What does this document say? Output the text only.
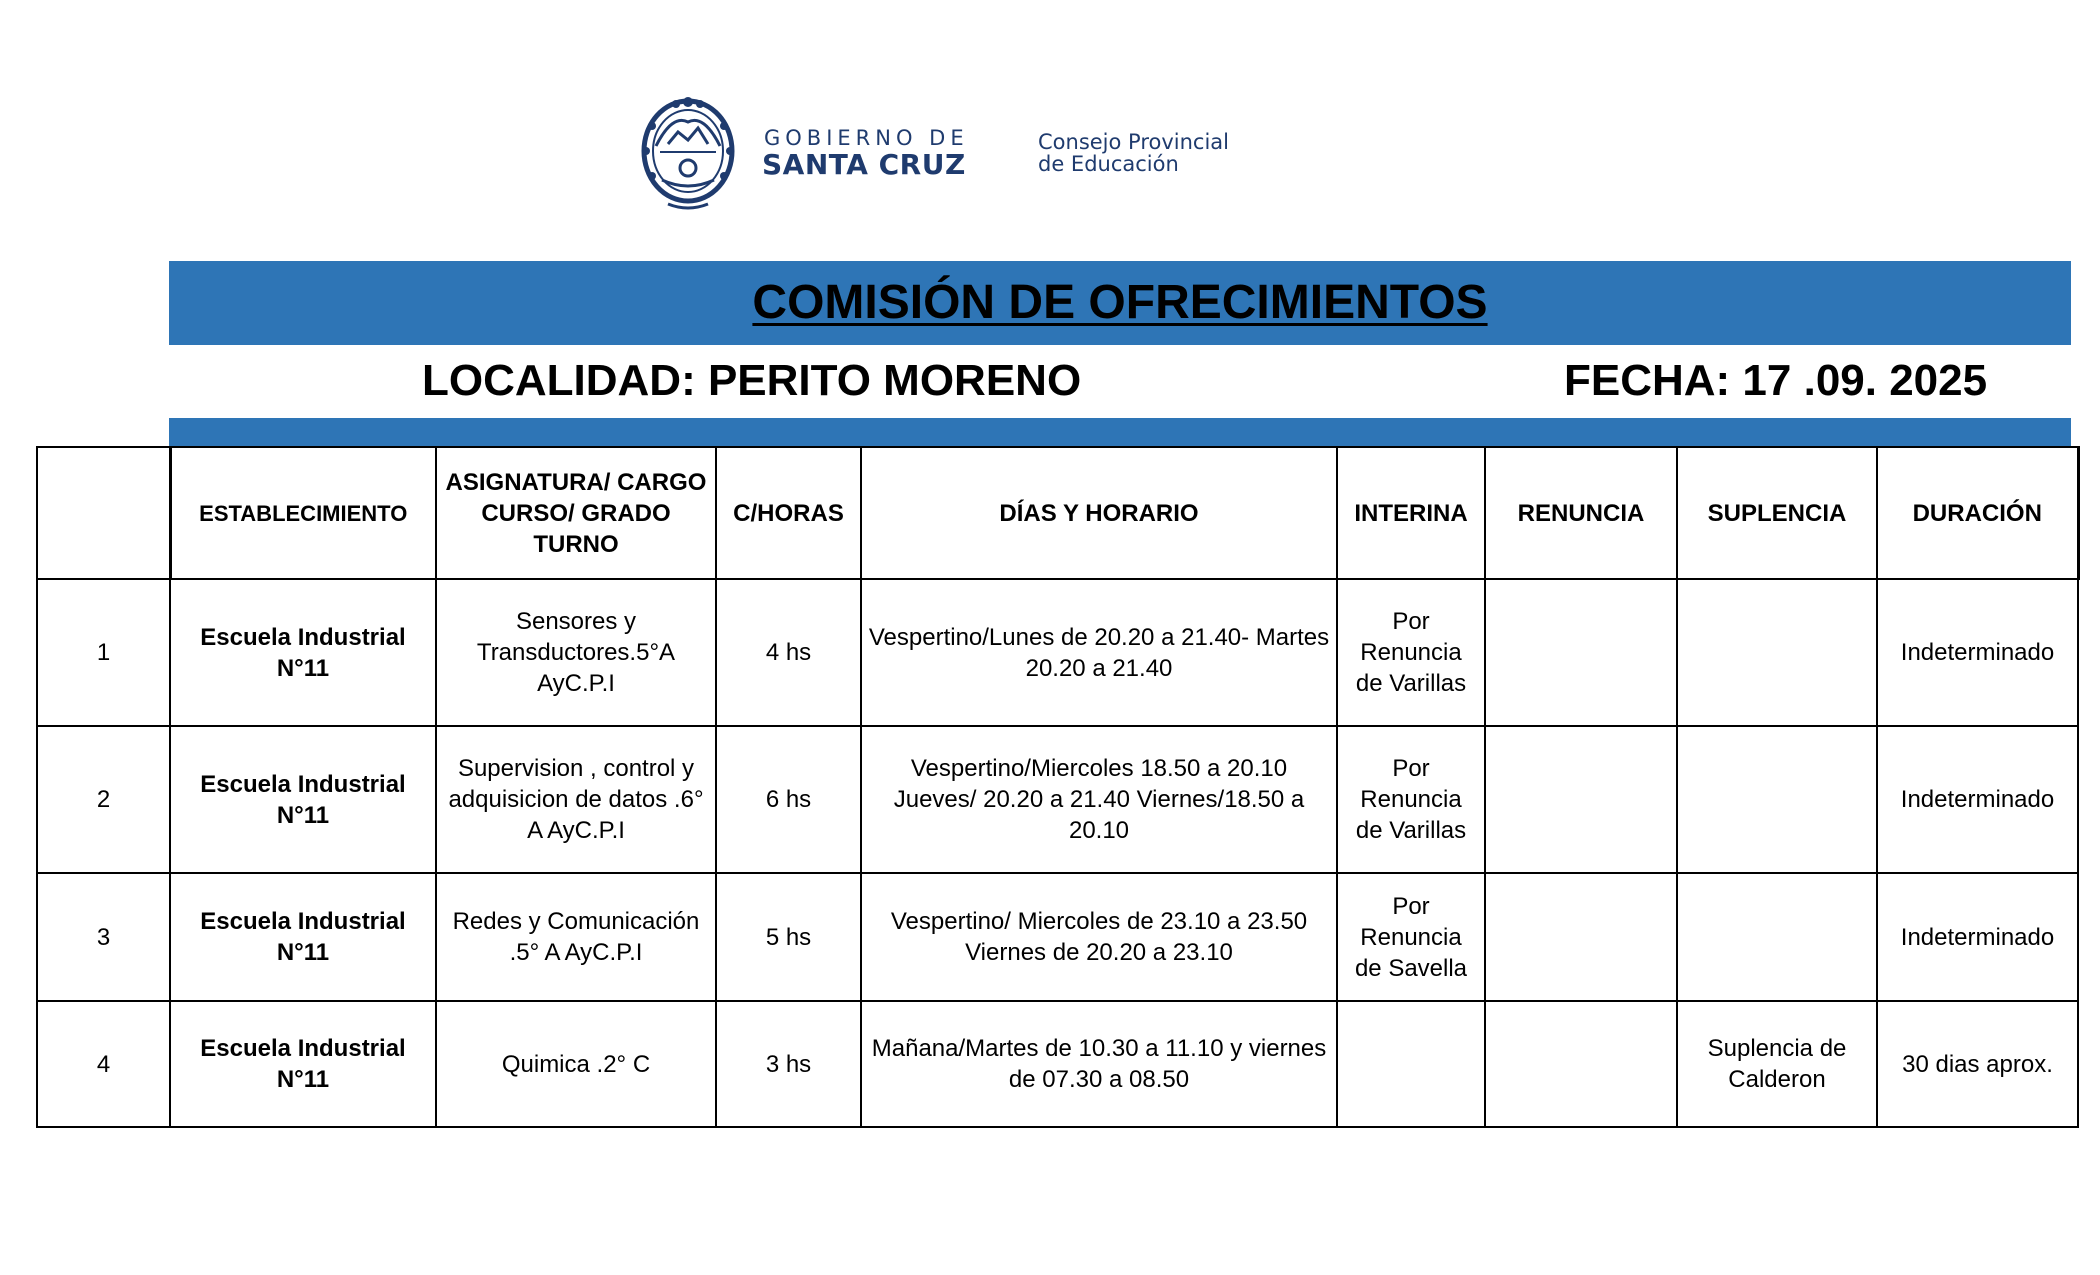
GOBIERNO DE
SANTA CRUZ
Consejo Provincial
de Educación
COMISIÓN DE OFRECIMIENTOS
LOCALIDAD: PERITO MORENO	FECHA: 17 .09. 2025
	ESTABLECIMIENTO	ASIGNATURA/ CARGO CURSO/ GRADO TURNO	C/HORAS	DÍAS Y HORARIO	INTERINA	RENUNCIA	SUPLENCIA	DURACIÓN
1	Escuela Industrial N°11	Sensores y Transductores.5°A AyC.P.I	4 hs	Vespertino/Lunes de 20.20 a 21.40- Martes 20.20 a 21.40	Por Renuncia de Varillas			Indeterminado
2	Escuela Industrial N°11	Supervision , control y adquisicion de datos .6° A AyC.P.I	6 hs	Vespertino/Miercoles 18.50 a 20.10 Jueves/ 20.20 a 21.40 Viernes/18.50 a 20.10	Por Renuncia de Varillas			Indeterminado
3	Escuela Industrial N°11	Redes y Comunicación .5° A AyC.P.I	5 hs	Vespertino/ Miercoles de 23.10 a 23.50 Viernes de 20.20 a 23.10	Por Renuncia de Savella			Indeterminado
4	Escuela Industrial N°11	Quimica .2° C	3 hs	Mañana/Martes de 10.30 a 11.10 y viernes de 07.30 a 08.50			Suplencia de Calderon	30 dias aprox.
